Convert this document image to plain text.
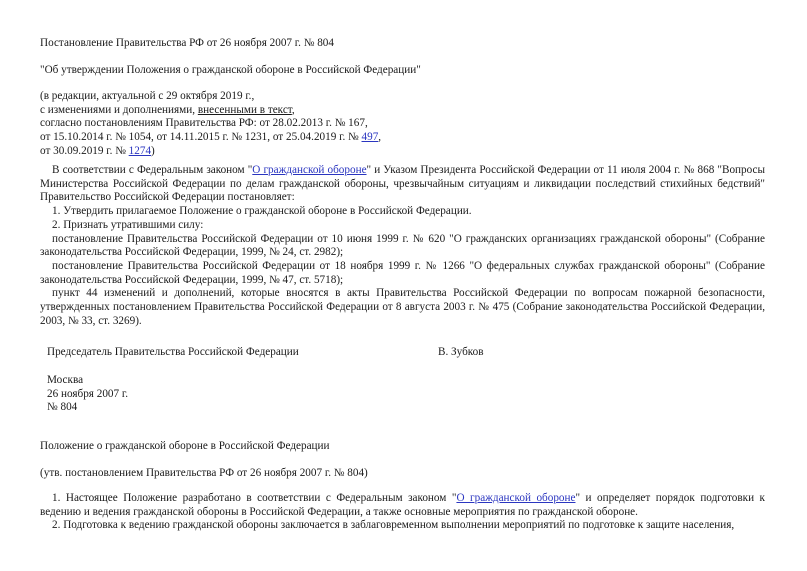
Постановление Правительства РФ от 26 ноября 2007 г. № 804

"Об утверждении Положения о гражданской обороне в Российской Федерации"

(в редакции, актуальной с 29 октября 2019 г.,

с изменениями и дополнениями, внесенными в текст,

согласно постановлениям Правительства РФ: от 28.02.2013 г. № 167,

от 15.10.2014 г. № 1054, от 14.11.2015 г. № 1231, от 25.04.2019 г. № 497,

от 30.09.2019 г. № 1274)

В соответствии с Федеральным законом "О гражданской обороне" и Указом Президента Российской Федерации от 11 июля 2004 г. № 868 "Вопросы Министерства Российской Федерации по делам гражданской обороны, чрезвычайным ситуациям и ликвидации последствий стихийных бедствий" Правительство Российской Федерации постановляет:

1. Утвердить прилагаемое Положение о гражданской обороне в Российской Федерации.

2. Признать утратившими силу:

постановление Правительства Российской Федерации от 10 июня 1999 г. № 620 "О гражданских организациях гражданской обороны" (Собрание законодательства Российской Федерации, 1999, № 24, ст. 2982);

постановление Правительства Российской Федерации от 18 ноября 1999 г. № 1266 "О федеральных службах гражданской обороны" (Собрание законодательства Российской Федерации, 1999, № 47, ст. 5718);

пункт 44 изменений и дополнений, которые вносятся в акты Правительства Российской Федерации по вопросам пожарной безопасности, утвержденных постановлением Правительства Российской Федерации от 8 августа 2003 г. № 475 (Собрание законодательства Российской Федерации, 2003, № 33, ст. 3269).

Председатель Правительства Российской Федерации	В. Зубков

Москва

26 ноября 2007 г.

№ 804

Положение о гражданской обороне в Российской Федерации

(утв. постановлением Правительства РФ от 26 ноября 2007 г. № 804)

1. Настоящее Положение разработано в соответствии с Федеральным законом "О гражданской обороне" и определяет порядок подготовки к ведению и ведения гражданской обороны в Российской Федерации, а также основные мероприятия по гражданской обороне.

2. Подготовка к ведению гражданской обороны заключается в заблаговременном выполнении мероприятий по подготовке к защите населения,
